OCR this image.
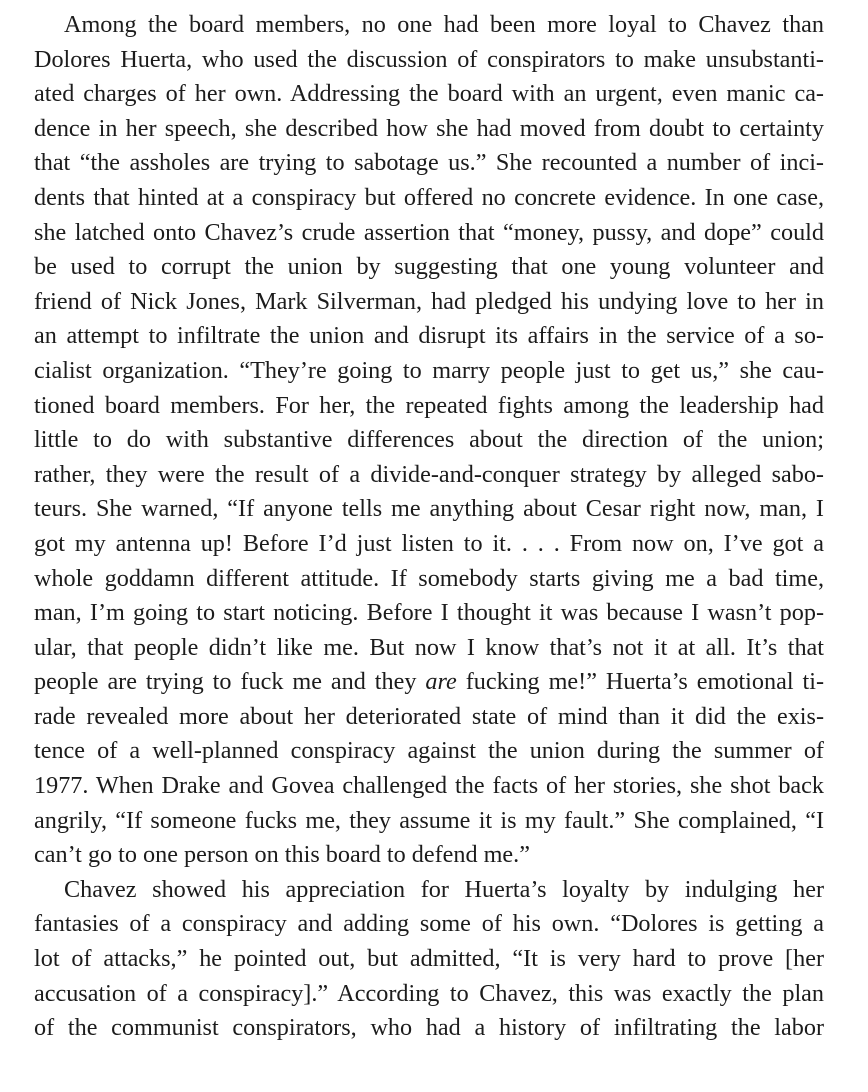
Among the board members, no one had been more loyal to Chavez than
Dolores Huerta, who used the discussion of conspirators to make unsubstanti-
ated charges of her own. Addressing the board with an urgent, even manic ca-
dence in her speech, she described how she had moved from doubt to certainty
that “the assholes are trying to sabotage us.” She recounted a number of inci-
dents that hinted at a conspiracy but offered no concrete evidence. In one case,
she latched onto Chavez’s crude assertion that “money, pussy, and dope” could
be used to corrupt the union by suggesting that one young volunteer and
friend of Nick Jones, Mark Silverman, had pledged his undying love to her in
an attempt to infiltrate the union and disrupt its affairs in the service of a so-
cialist organization. “They’re going to marry people just to get us,” she cau-
tioned board members. For her, the repeated fights among the leadership had
little to do with substantive differences about the direction of the union;
rather, they were the result of a divide-and-conquer strategy by alleged sabo-
teurs. She warned, “If anyone tells me anything about Cesar right now, man, I
got my antenna up! Before I’d just listen to it. . . . From now on, I’ve got a
whole goddamn different attitude. If somebody starts giving me a bad time,
man, I’m going to start noticing. Before I thought it was because I wasn’t pop-
ular, that people didn’t like me. But now I know that’s not it at all. It’s that
people are trying to fuck me and they are fucking me!” Huerta’s emotional ti-
rade revealed more about her deteriorated state of mind than it did the exis-
tence of a well-planned conspiracy against the union during the summer of
1977. When Drake and Govea challenged the facts of her stories, she shot back
angrily, “If someone fucks me, they assume it is my fault.” She complained, “I
can’t go to one person on this board to defend me.”
Chavez showed his appreciation for Huerta’s loyalty by indulging her
fantasies of a conspiracy and adding some of his own. “Dolores is getting a
lot of attacks,” he pointed out, but admitted, “It is very hard to prove [her
accusation of a conspiracy].” According to Chavez, this was exactly the plan
of the communist conspirators, who had a history of infiltrating the labor
